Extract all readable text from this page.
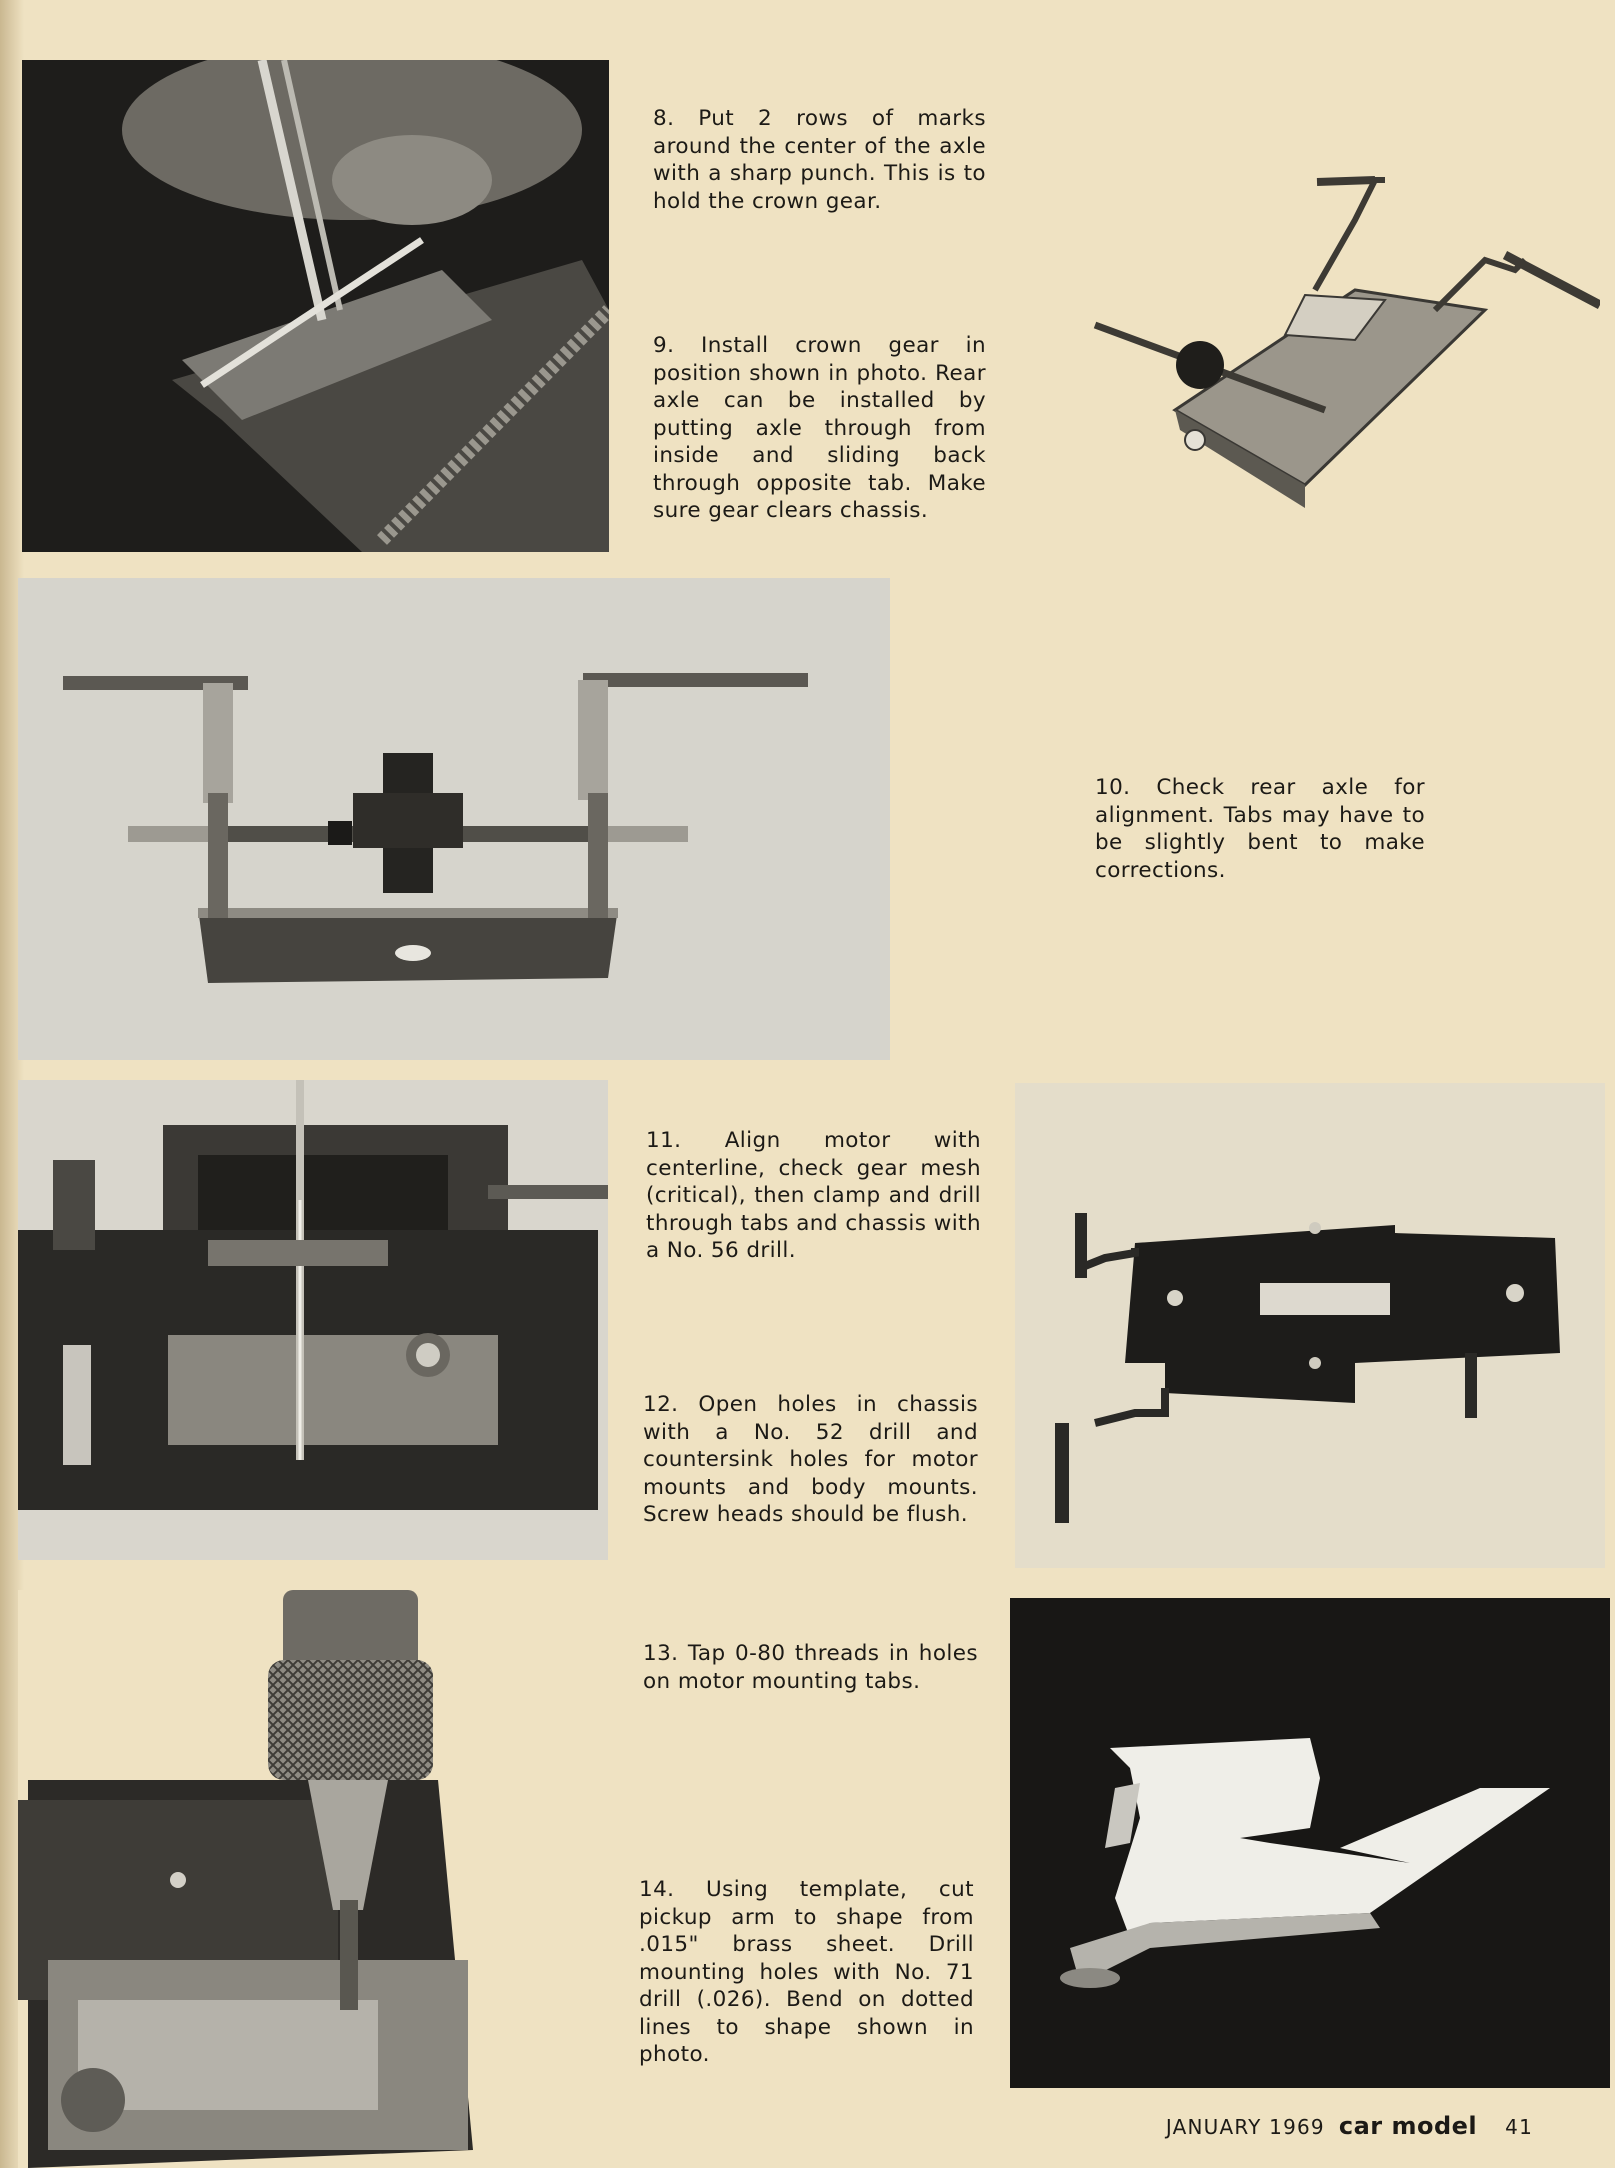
8. Put 2 rows of marks around the center of the axle with a sharp punch. This is to hold the crown gear.

9. Install crown gear in position shown in photo. Rear axle can be installed by putting axle through from inside and sliding back through opposite tab. Make sure gear clears chassis.

10. Check rear axle for alignment. Tabs may have to be slightly bent to make corrections.

11. Align motor with centerline, check gear mesh (critical), then clamp and drill through tabs and chassis with a No. 56 drill.

12. Open holes in chassis with a No. 52 drill and countersink holes for motor mounts and body mounts. Screw heads should be flush.

13. Tap 0-80 threads in holes on motor mounting tabs.

14. Using template, cut pickup arm to shape from .015" brass sheet. Drill mounting holes with No. 71 drill (.026). Bend on dotted lines to shape shown in photo.

JANUARY 1969 car model 41
